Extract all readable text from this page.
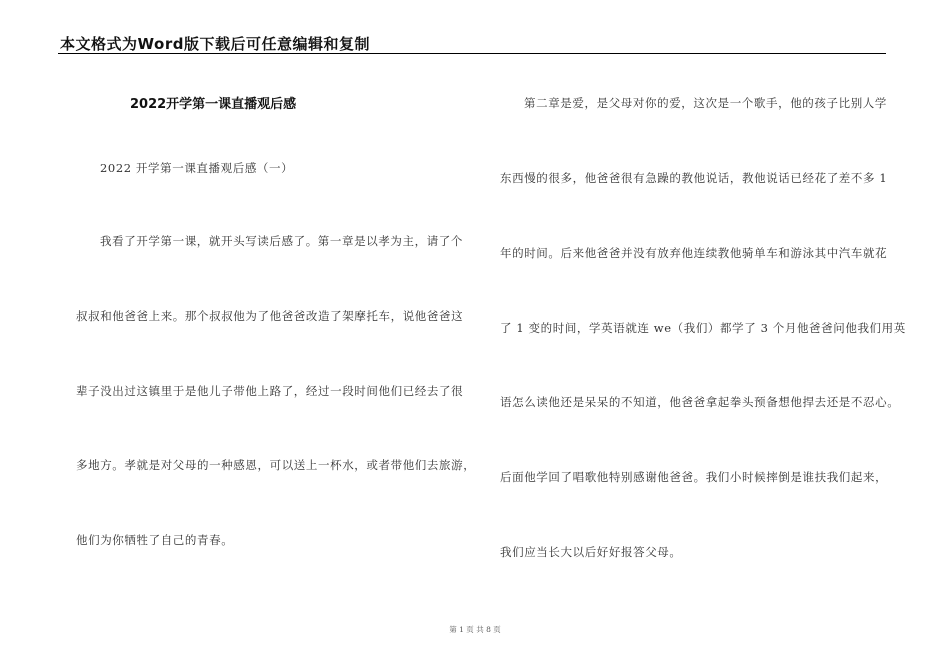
本文格式为Word版下载后可任意编辑和复制
2022开学第一课直播观后感
2022 开学第一课直播观后感（一）
我看了开学第一课，就开头写读后感了。第一章是以孝为主，请了个
叔叔和他爸爸上来。那个叔叔他为了他爸爸改造了架摩托车，说他爸爸这
辈子没出过这镇里于是他儿子带他上路了，经过一段时间他们已经去了很
多地方。孝就是对父母的一种感恩，可以送上一杯水，或者带他们去旅游，
他们为你牺牲了自己的青春。
第二章是爱，是父母对你的爱，这次是一个歌手，他的孩子比别人学
东西慢的很多，他爸爸很有急躁的教他说话，教他说话已经花了差不多 1
年的时间。后来他爸爸并没有放弃他连续教他骑单车和游泳其中汽车就花
了 1 变的时间，学英语就连 we（我们）都学了 3 个月他爸爸问他我们用英
语怎么读他还是呆呆的不知道，他爸爸拿起拳头预备想他捍去还是不忍心。
后面他学回了唱歌他特别感谢他爸爸。我们小时候摔倒是谁扶我们起来，
我们应当长大以后好好报答父母。
第 1 页 共 8 页
